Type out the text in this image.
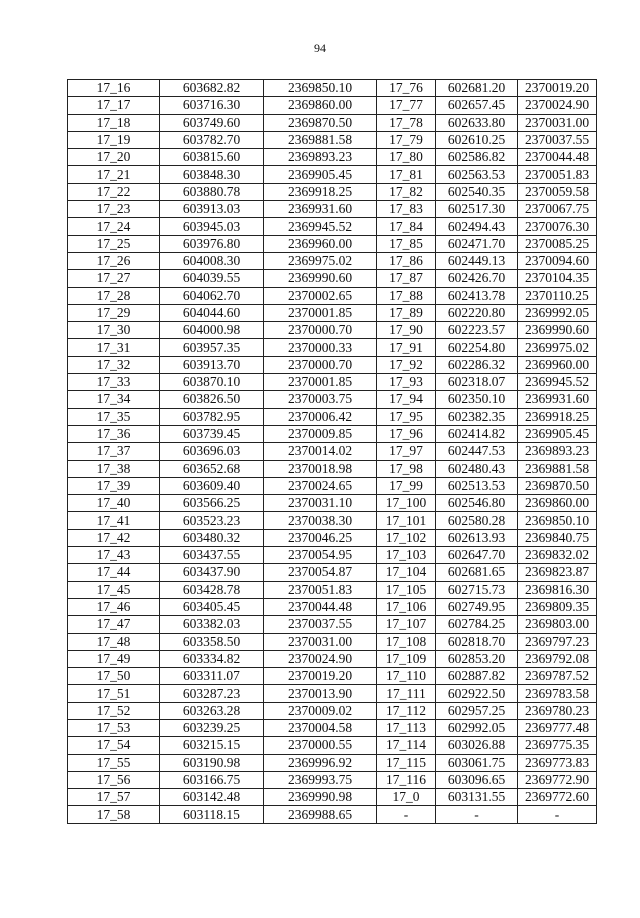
94
17_16	603682.82	2369850.10	17_76	602681.20	2370019.20
17_17	603716.30	2369860.00	17_77	602657.45	2370024.90
17_18	603749.60	2369870.50	17_78	602633.80	2370031.00
17_19	603782.70	2369881.58	17_79	602610.25	2370037.55
17_20	603815.60	2369893.23	17_80	602586.82	2370044.48
17_21	603848.30	2369905.45	17_81	602563.53	2370051.83
17_22	603880.78	2369918.25	17_82	602540.35	2370059.58
17_23	603913.03	2369931.60	17_83	602517.30	2370067.75
17_24	603945.03	2369945.52	17_84	602494.43	2370076.30
17_25	603976.80	2369960.00	17_85	602471.70	2370085.25
17_26	604008.30	2369975.02	17_86	602449.13	2370094.60
17_27	604039.55	2369990.60	17_87	602426.70	2370104.35
17_28	604062.70	2370002.65	17_88	602413.78	2370110.25
17_29	604044.60	2370001.85	17_89	602220.80	2369992.05
17_30	604000.98	2370000.70	17_90	602223.57	2369990.60
17_31	603957.35	2370000.33	17_91	602254.80	2369975.02
17_32	603913.70	2370000.70	17_92	602286.32	2369960.00
17_33	603870.10	2370001.85	17_93	602318.07	2369945.52
17_34	603826.50	2370003.75	17_94	602350.10	2369931.60
17_35	603782.95	2370006.42	17_95	602382.35	2369918.25
17_36	603739.45	2370009.85	17_96	602414.82	2369905.45
17_37	603696.03	2370014.02	17_97	602447.53	2369893.23
17_38	603652.68	2370018.98	17_98	602480.43	2369881.58
17_39	603609.40	2370024.65	17_99	602513.53	2369870.50
17_40	603566.25	2370031.10	17_100	602546.80	2369860.00
17_41	603523.23	2370038.30	17_101	602580.28	2369850.10
17_42	603480.32	2370046.25	17_102	602613.93	2369840.75
17_43	603437.55	2370054.95	17_103	602647.70	2369832.02
17_44	603437.90	2370054.87	17_104	602681.65	2369823.87
17_45	603428.78	2370051.83	17_105	602715.73	2369816.30
17_46	603405.45	2370044.48	17_106	602749.95	2369809.35
17_47	603382.03	2370037.55	17_107	602784.25	2369803.00
17_48	603358.50	2370031.00	17_108	602818.70	2369797.23
17_49	603334.82	2370024.90	17_109	602853.20	2369792.08
17_50	603311.07	2370019.20	17_110	602887.82	2369787.52
17_51	603287.23	2370013.90	17_111	602922.50	2369783.58
17_52	603263.28	2370009.02	17_112	602957.25	2369780.23
17_53	603239.25	2370004.58	17_113	602992.05	2369777.48
17_54	603215.15	2370000.55	17_114	603026.88	2369775.35
17_55	603190.98	2369996.92	17_115	603061.75	2369773.83
17_56	603166.75	2369993.75	17_116	603096.65	2369772.90
17_57	603142.48	2369990.98	17_0	603131.55	2369772.60
17_58	603118.15	2369988.65	-	-	-
